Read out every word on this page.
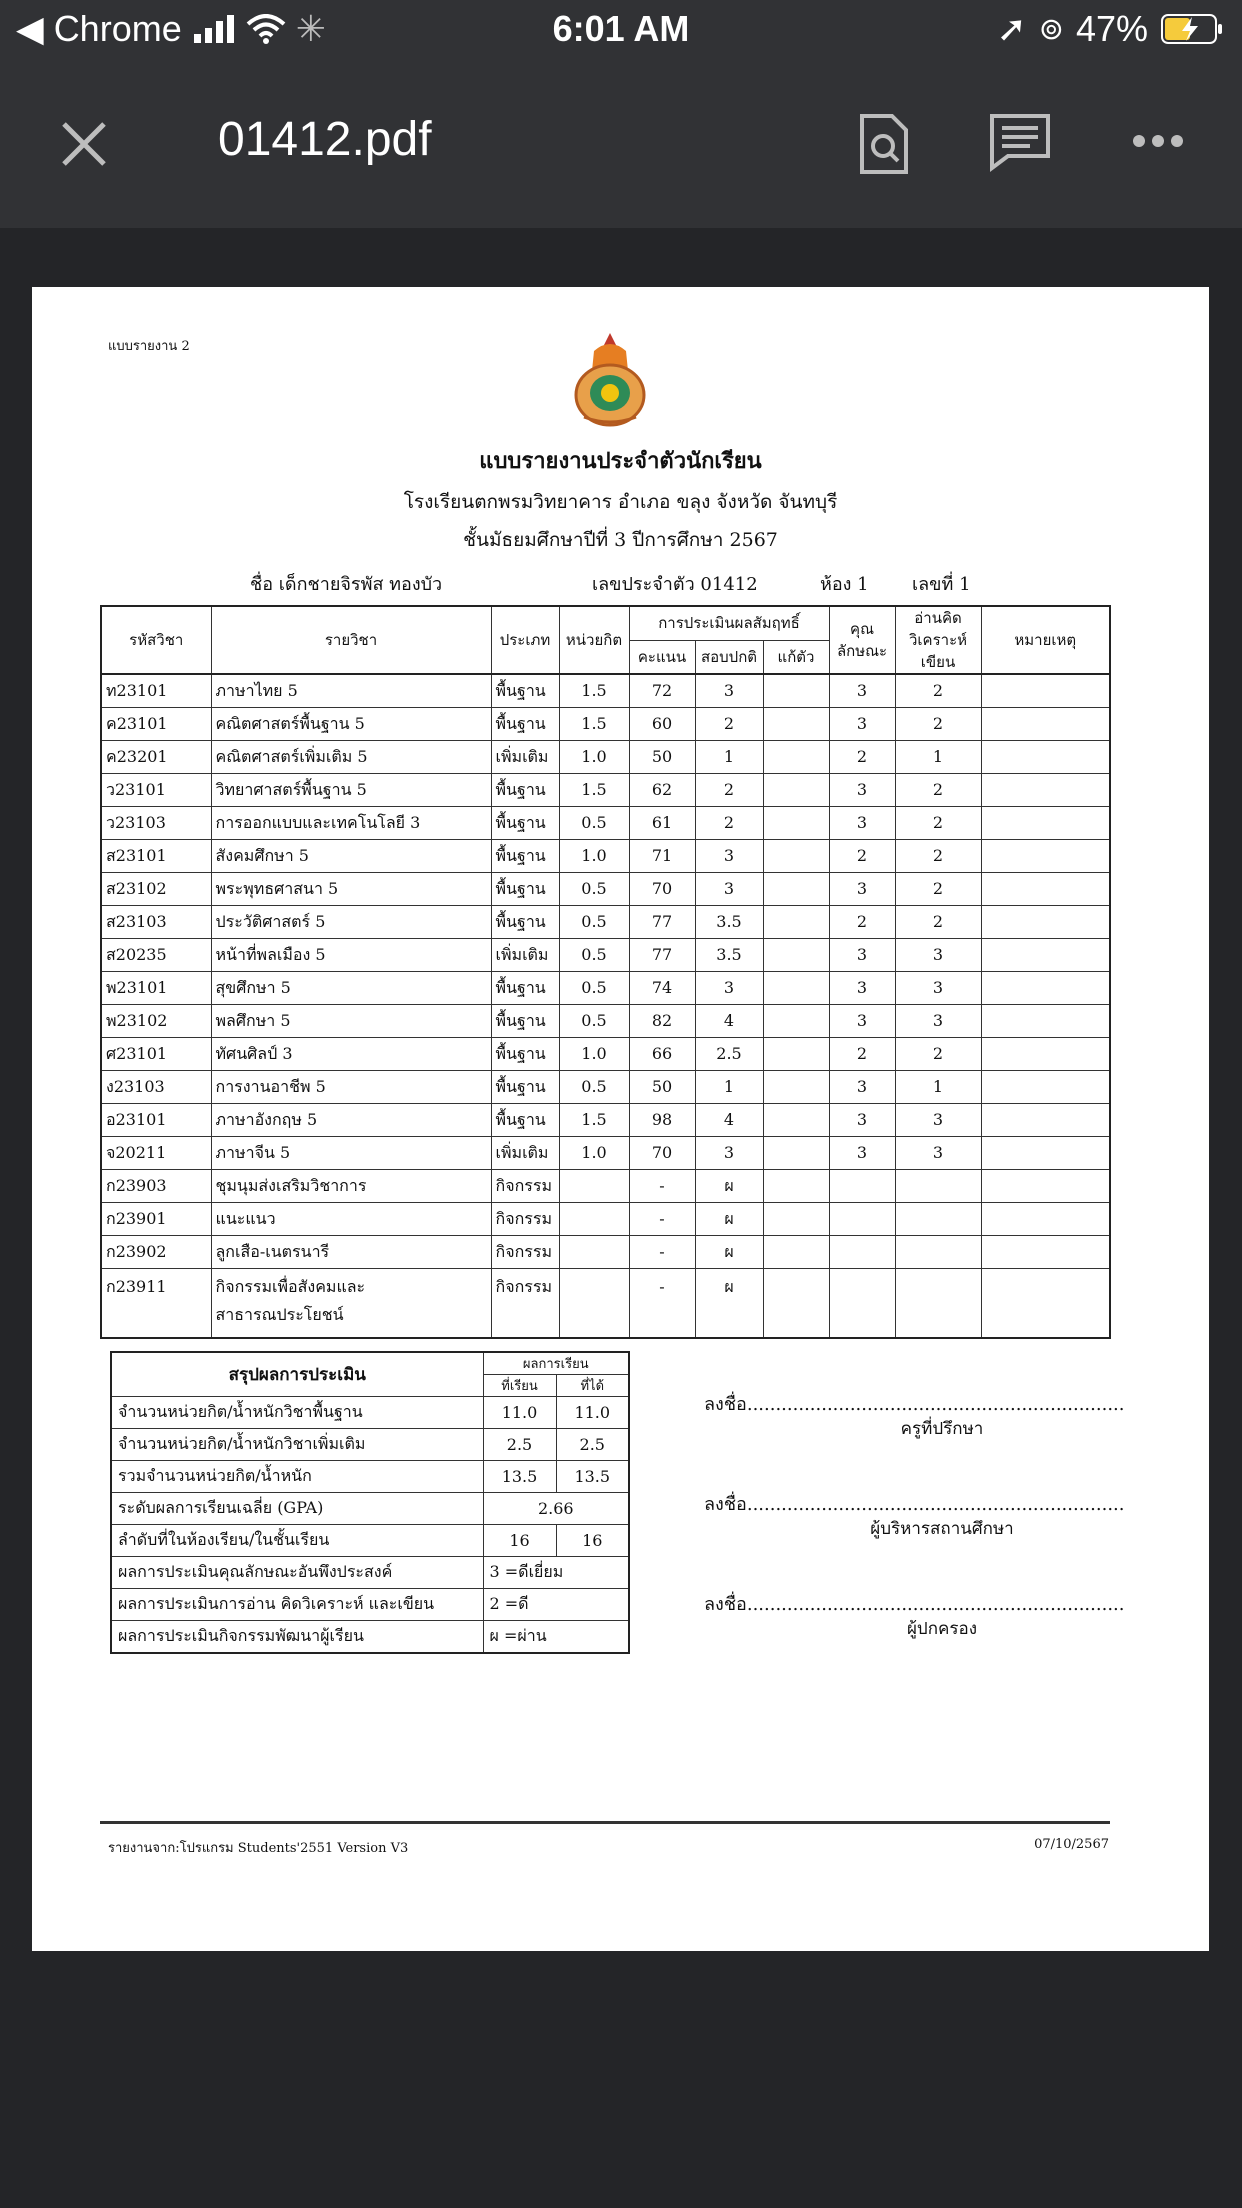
◀ Chrome	✳	6:01 AM	➚ ⊚ 47%
01412.pdf
แบบรายงาน 2
แบบรายงานประจำตัวนักเรียน
โรงเรียนตกพรมวิทยาคาร อำเภอ ขลุง จังหวัด จันทบุรี
ชั้นมัธยมศึกษาปีที่ 3 ปีการศึกษา 2567
ชื่อ เด็กชายจิรพัส ทองบัว	เลขประจำตัว 01412	ห้อง 1 เลขที่ 1
รหัสวิชา	รายวิชา	ประเภท	หน่วยกิต	การประเมินผลสัมฤทธิ์			คุณ ลักษณะ	อ่านคิด วิเคราะห์เขียน	หมายเหตุ
				คะแนน	สอบปกติ	แก้ตัว			
ท23101	ภาษาไทย 5	พื้นฐาน	1.5	72	3		3	2	
ค23101	คณิตศาสตร์พื้นฐาน 5	พื้นฐาน	1.5	60	2		3	2	
ค23201	คณิตศาสตร์เพิ่มเติม 5	เพิ่มเติม	1.0	50	1		2	1	
ว23101	วิทยาศาสตร์พื้นฐาน 5	พื้นฐาน	1.5	62	2		3	2	
ว23103	การออกแบบและเทคโนโลยี 3	พื้นฐาน	0.5	61	2		3	2	
ส23101	สังคมศึกษา 5	พื้นฐาน	1.0	71	3		2	2	
ส23102	พระพุทธศาสนา 5	พื้นฐาน	0.5	70	3		3	2	
ส23103	ประวัติศาสตร์ 5	พื้นฐาน	0.5	77	3.5		2	2	
ส20235	หน้าที่พลเมือง 5	เพิ่มเติม	0.5	77	3.5		3	3	
พ23101	สุขศึกษา 5	พื้นฐาน	0.5	74	3		3	3	
พ23102	พลศึกษา 5	พื้นฐาน	0.5	82	4		3	3	
ศ23101	ทัศนศิลป์ 3	พื้นฐาน	1.0	66	2.5		2	2	
ง23103	การงานอาชีพ 5	พื้นฐาน	0.5	50	1		3	1	
อ23101	ภาษาอังกฤษ 5	พื้นฐาน	1.5	98	4		3	3	
จ20211	ภาษาจีน 5	เพิ่มเติม	1.0	70	3		3	3	
ก23903	ชุมนุมส่งเสริมวิชาการ	กิจกรรม		-	ผ				
ก23901	แนะแนว	กิจกรรม		-	ผ				
ก23902	ลูกเสือ-เนตรนารี	กิจกรรม		-	ผ				
ก23911	กิจกรรมเพื่อสังคมและสาธารณประโยชน์	กิจกรรม		-	ผ				
สรุปผลการประเมิน	ผลการเรียน	
	ที่เรียน	ที่ได้
จำนวนหน่วยกิต/น้ำหนักวิชาพื้นฐาน	11.0	11.0
จำนวนหน่วยกิต/น้ำหนักวิชาเพิ่มเติม	2.5	2.5
รวมจำนวนหน่วยกิต/น้ำหนัก	13.5	13.5
ระดับผลการเรียนเฉลี่ย (GPA)	2.66	
ลำดับที่ในห้องเรียน/ในชั้นเรียน	16	16
ผลการประเมินคุณลักษณะอันพึงประสงค์	3 =ดีเยี่ยม	
ผลการประเมินการอ่าน คิดวิเคราะห์ และเขียน	2 =ดี	
ผลการประเมินกิจกรรมพัฒนาผู้เรียน	ผ =ผ่าน	
ลงชื่อ..................................................................
ครูที่ปรึกษา
ลงชื่อ..................................................................
ผู้บริหารสถานศึกษา
ลงชื่อ..................................................................
ผู้ปกครอง
รายงานจาก:โปรแกรม Students'2551 Version V3	07/10/2567
